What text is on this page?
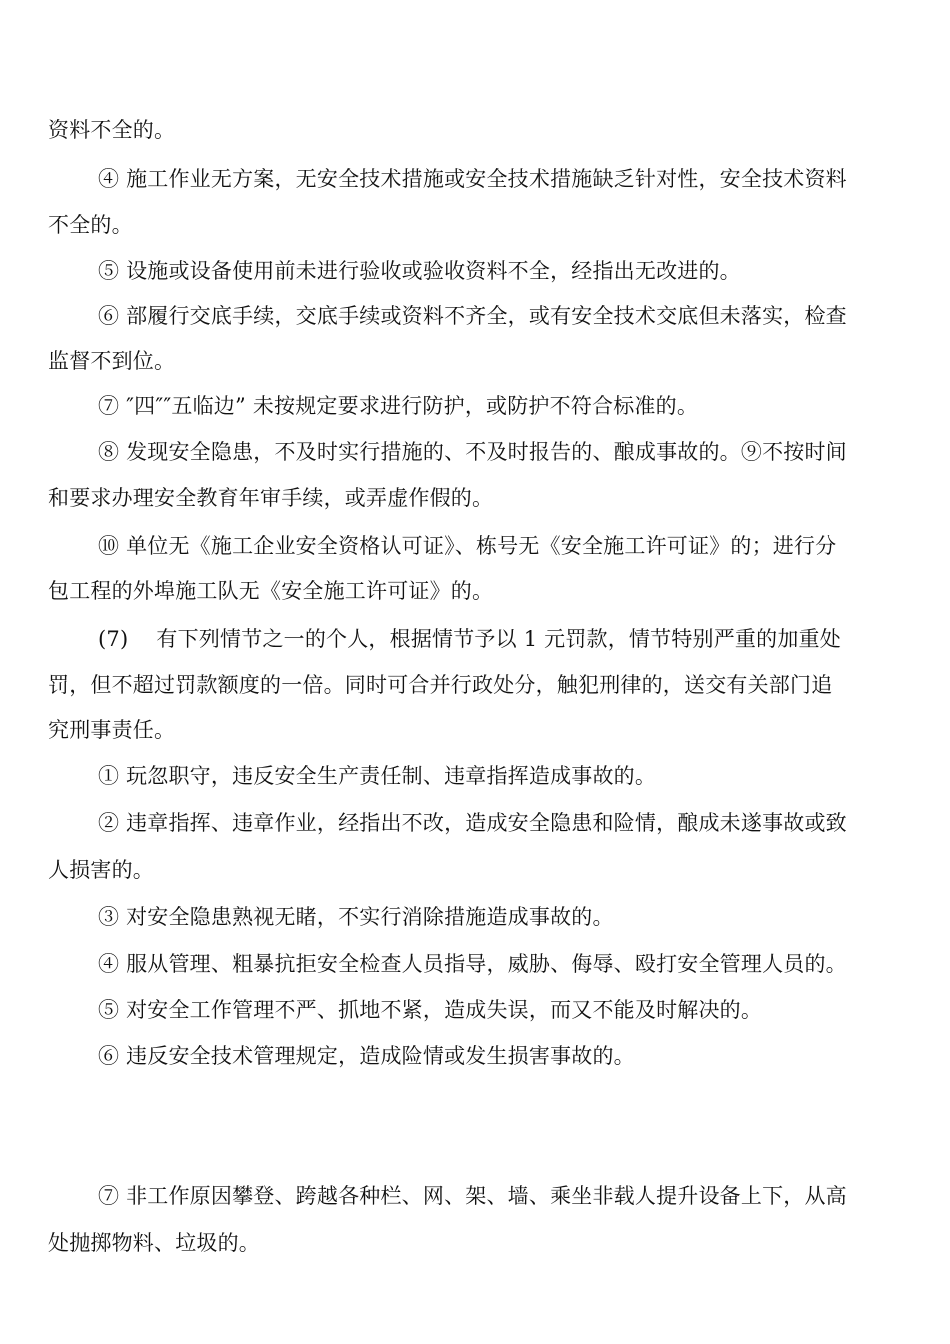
资料不全的。
④ 施工作业无方案，无安全技术措施或安全技术措施缺乏针对性，安全技术资料
不全的。
⑤ 设施或设备使用前未进行验收或验收资料不全，经指出无改进的。
⑥ 部履行交底手续，交底手续或资料不齐全，或有安全技术交底但未落实，检查
监督不到位。
⑦ ″四″″五临边” 未按规定要求进行防护，或防护不符合标准的。
⑧ 发现安全隐患，不及时实行措施的、不及时报告的、酿成事故的。⑨不按时间
和要求办理安全教育年审手续，或弄虚作假的。
⑩ 单位无《施工企业安全资格认可证》、栋号无《安全施工许可证》的；进行分
包工程的外埠施工队无《安全施工许可证》的。
(7)　 有下列情节之一的个人，根据情节予以 1 元罚款，情节特别严重的加重处
罚，但不超过罚款额度的一倍。同时可合并行政处分，触犯刑律的，送交有关部门追
究刑事责任。
① 玩忽职守，违反安全生产责任制、违章指挥造成事故的。
② 违章指挥、违章作业，经指出不改，造成安全隐患和险情，酿成未遂事故或致
人损害的。
③ 对安全隐患熟视无睹，不实行消除措施造成事故的。
④ 服从管理、粗暴抗拒安全检查人员指导，威胁、侮辱、殴打安全管理人员的。
⑤ 对安全工作管理不严、抓地不紧，造成失误，而又不能及时解决的。
⑥ 违反安全技术管理规定，造成险情或发生损害事故的。
⑦ 非工作原因攀登、跨越各种栏、网、架、墙、乘坐非载人提升设备上下，从高
处抛掷物料、垃圾的。
